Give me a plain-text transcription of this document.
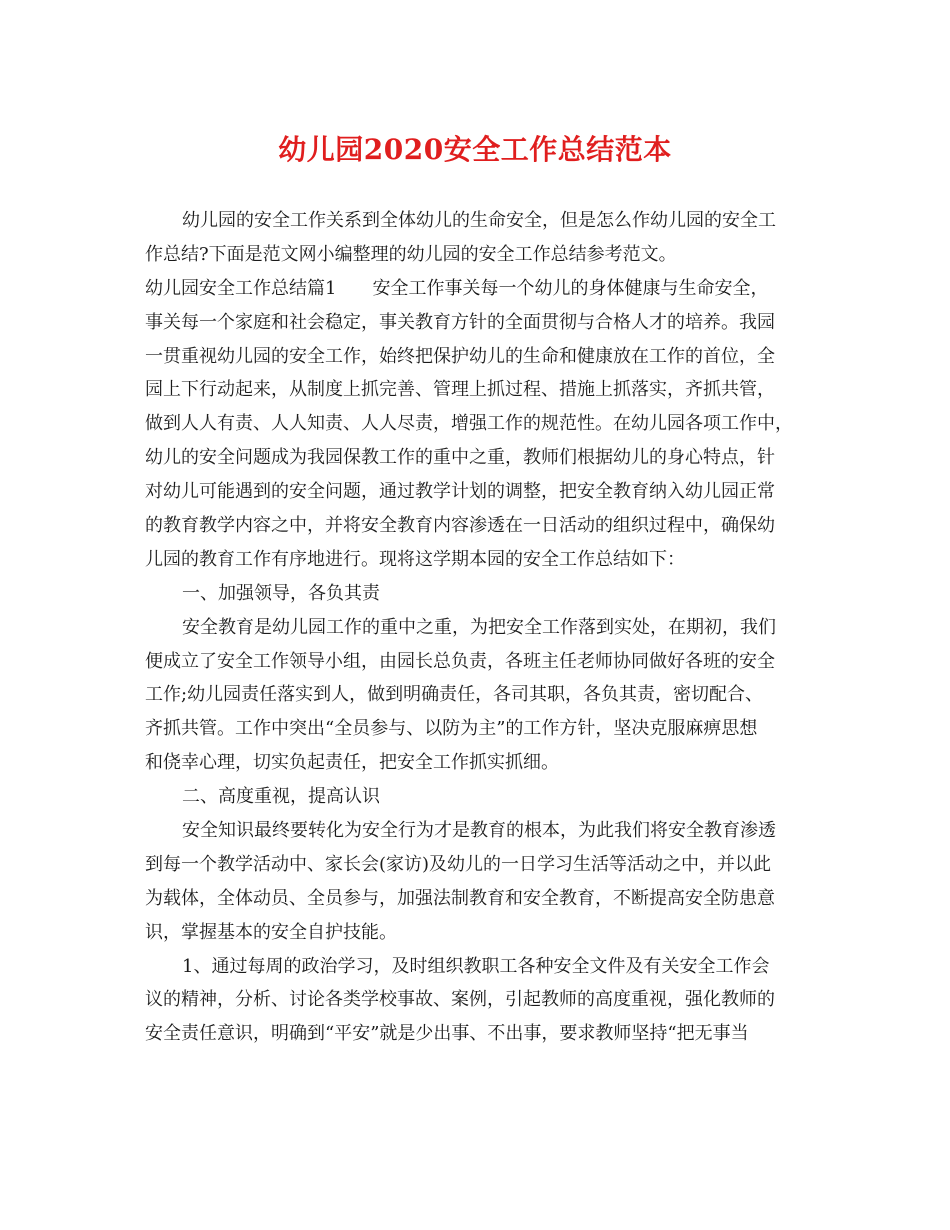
幼儿园2020安全工作总结范本
幼儿园的安全工作关系到全体幼儿的生命安全，但是怎么作幼儿园的安全工
作总结?下面是范文网小编整理的幼儿园的安全工作总结参考范文。
幼儿园安全工作总结篇1　　安全工作事关每一个幼儿的身体健康与生命安全，
事关每一个家庭和社会稳定，事关教育方针的全面贯彻与合格人才的培养。我园
一贯重视幼儿园的安全工作，始终把保护幼儿的生命和健康放在工作的首位，全
园上下行动起来，从制度上抓完善、管理上抓过程、措施上抓落实，齐抓共管，
做到人人有责、人人知责、人人尽责，增强工作的规范性。在幼儿园各项工作中，
幼儿的安全问题成为我园保教工作的重中之重，教师们根据幼儿的身心特点，针
对幼儿可能遇到的安全问题，通过教学计划的调整，把安全教育纳入幼儿园正常
的教育教学内容之中，并将安全教育内容渗透在一日活动的组织过程中，确保幼
儿园的教育工作有序地进行。现将这学期本园的安全工作总结如下：
一、加强领导，各负其责
安全教育是幼儿园工作的重中之重，为把安全工作落到实处，在期初，我们
便成立了安全工作领导小组，由园长总负责，各班主任老师协同做好各班的安全
工作;幼儿园责任落实到人，做到明确责任，各司其职，各负其责，密切配合、
齐抓共管。工作中突出“全员参与、以防为主”的工作方针，坚决克服麻痹思想
和侥幸心理，切实负起责任，把安全工作抓实抓细。
二、高度重视，提高认识
安全知识最终要转化为安全行为才是教育的根本，为此我们将安全教育渗透
到每一个教学活动中、家长会(家访)及幼儿的一日学习生活等活动之中，并以此
为载体，全体动员、全员参与，加强法制教育和安全教育，不断提高安全防患意
识，掌握基本的安全自护技能。
1、通过每周的政治学习，及时组织教职工各种安全文件及有关安全工作会
议的精神，分析、讨论各类学校事故、案例，引起教师的高度重视，强化教师的
安全责任意识，明确到“平安”就是少出事、不出事，要求教师坚持“把无事当
